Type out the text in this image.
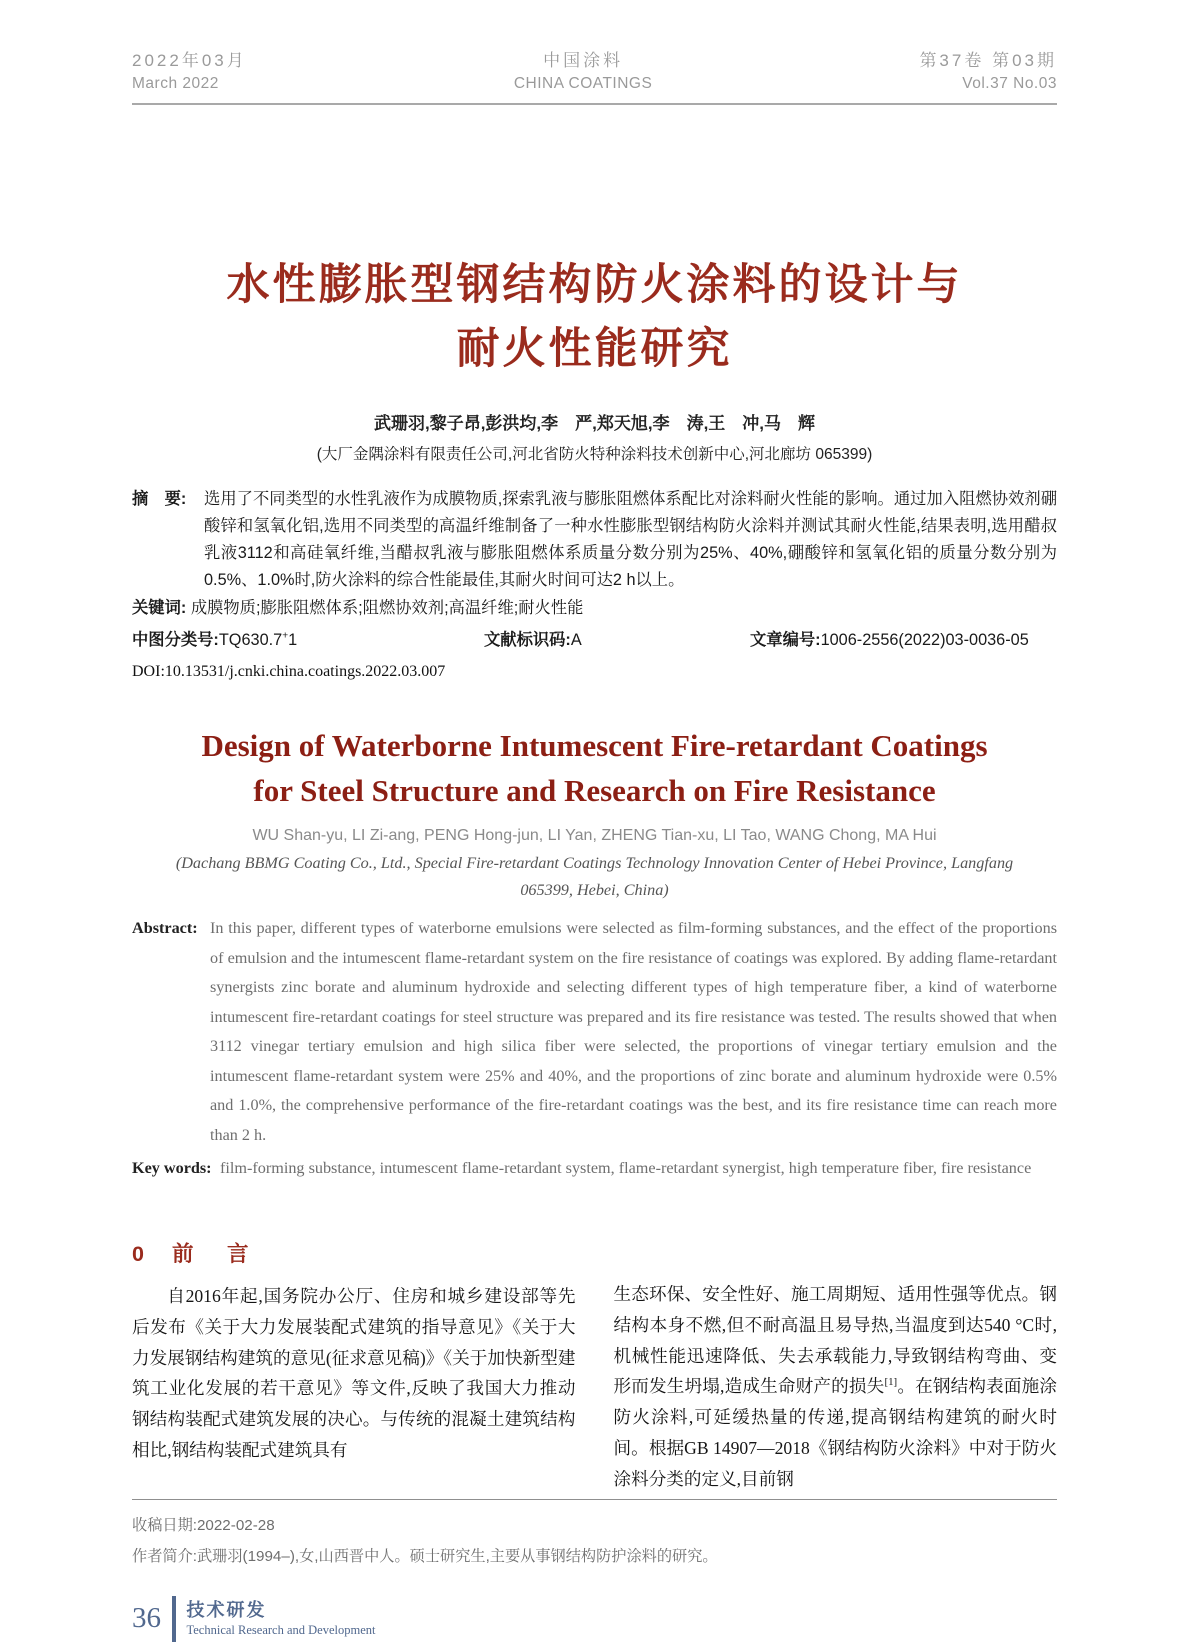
2022年03月
March 2022
中国涂料
CHINA COATINGS
第37卷 第03期
Vol.37 No.03
水性膨胀型钢结构防火涂料的设计与
耐火性能研究
武珊羽,黎子昂,彭洪均,李　严,郑天旭,李　涛,王　冲,马　辉
(大厂金隅涂料有限责任公司,河北省防火特种涂料技术创新中心,河北廊坊 065399)
摘　要:	选用了不同类型的水性乳液作为成膜物质,探索乳液与膨胀阻燃体系配比对涂料耐火性能的影响。通过加入阻燃协效剂硼酸锌和氢氧化铝,选用不同类型的高温纤维制备了一种水性膨胀型钢结构防火涂料并测试其耐火性能,结果表明,选用醋叔乳液3112和高硅氧纤维,当醋叔乳液与膨胀阻燃体系质量分数分别为25%、40%,硼酸锌和氢氧化铝的质量分数分别为0.5%、1.0%时,防火涂料的综合性能最佳,其耐火时间可达2 h以上。
关键词: 成膜物质;膨胀阻燃体系;阻燃协效剂;高温纤维;耐火性能
中图分类号:TQ630.7+1	文献标识码:A	文章编号:1006-2556(2022)03-0036-05
DOI:10.13531/j.cnki.china.coatings.2022.03.007
Design of Waterborne Intumescent Fire-retardant Coatings
for Steel Structure and Research on Fire Resistance
WU Shan-yu, LI Zi-ang, PENG Hong-jun, LI Yan, ZHENG Tian-xu, LI Tao, WANG Chong, MA Hui
(Dachang BBMG Coating Co., Ltd., Special Fire-retardant Coatings Technology Innovation Center of Hebei Province, Langfang
065399, Hebei, China)
Abstract: In this paper, different types of waterborne emulsions were selected as film-forming substances, and the effect of the proportions of emulsion and the intumescent flame-retardant system on the fire resistance of coatings was explored. By adding flame-retardant synergists zinc borate and aluminum hydroxide and selecting different types of high temperature fiber, a kind of waterborne intumescent fire-retardant coatings for steel structure was prepared and its fire resistance was tested. The results showed that when 3112 vinegar tertiary emulsion and high silica fiber were selected, the proportions of vinegar tertiary emulsion and the intumescent flame-retardant system were 25% and 40%, and the proportions of zinc borate and aluminum hydroxide were 0.5% and 1.0%, the comprehensive performance of the fire-retardant coatings was the best, and its fire resistance time can reach more than 2 h.
Key words: film-forming substance, intumescent flame-retardant system, flame-retardant synergist, high temperature fiber, fire resistance
0 前　言
自2016年起,国务院办公厅、住房和城乡建设部等先后发布《关于大力发展装配式建筑的指导意见》《关于大力发展钢结构建筑的意见(征求意见稿)》《关于加快新型建筑工业化发展的若干意见》等文件,反映了我国大力推动钢结构装配式建筑发展的决心。与传统的混凝土建筑结构相比,钢结构装配式建筑具有
生态环保、安全性好、施工周期短、适用性强等优点。钢结构本身不燃,但不耐高温且易导热,当温度到达540 °C时,机械性能迅速降低、失去承载能力,导致钢结构弯曲、变形而发生坍塌,造成生命财产的损失[1]。在钢结构表面施涂防火涂料,可延缓热量的传递,提高钢结构建筑的耐火时间。根据GB 14907—2018《钢结构防火涂料》中对于防火涂料分类的定义,目前钢
收稿日期:2022-02-28
作者简介:武珊羽(1994–),女,山西晋中人。硕士研究生,主要从事钢结构防护涂料的研究。
36 技术研发
Technical Research and Development
